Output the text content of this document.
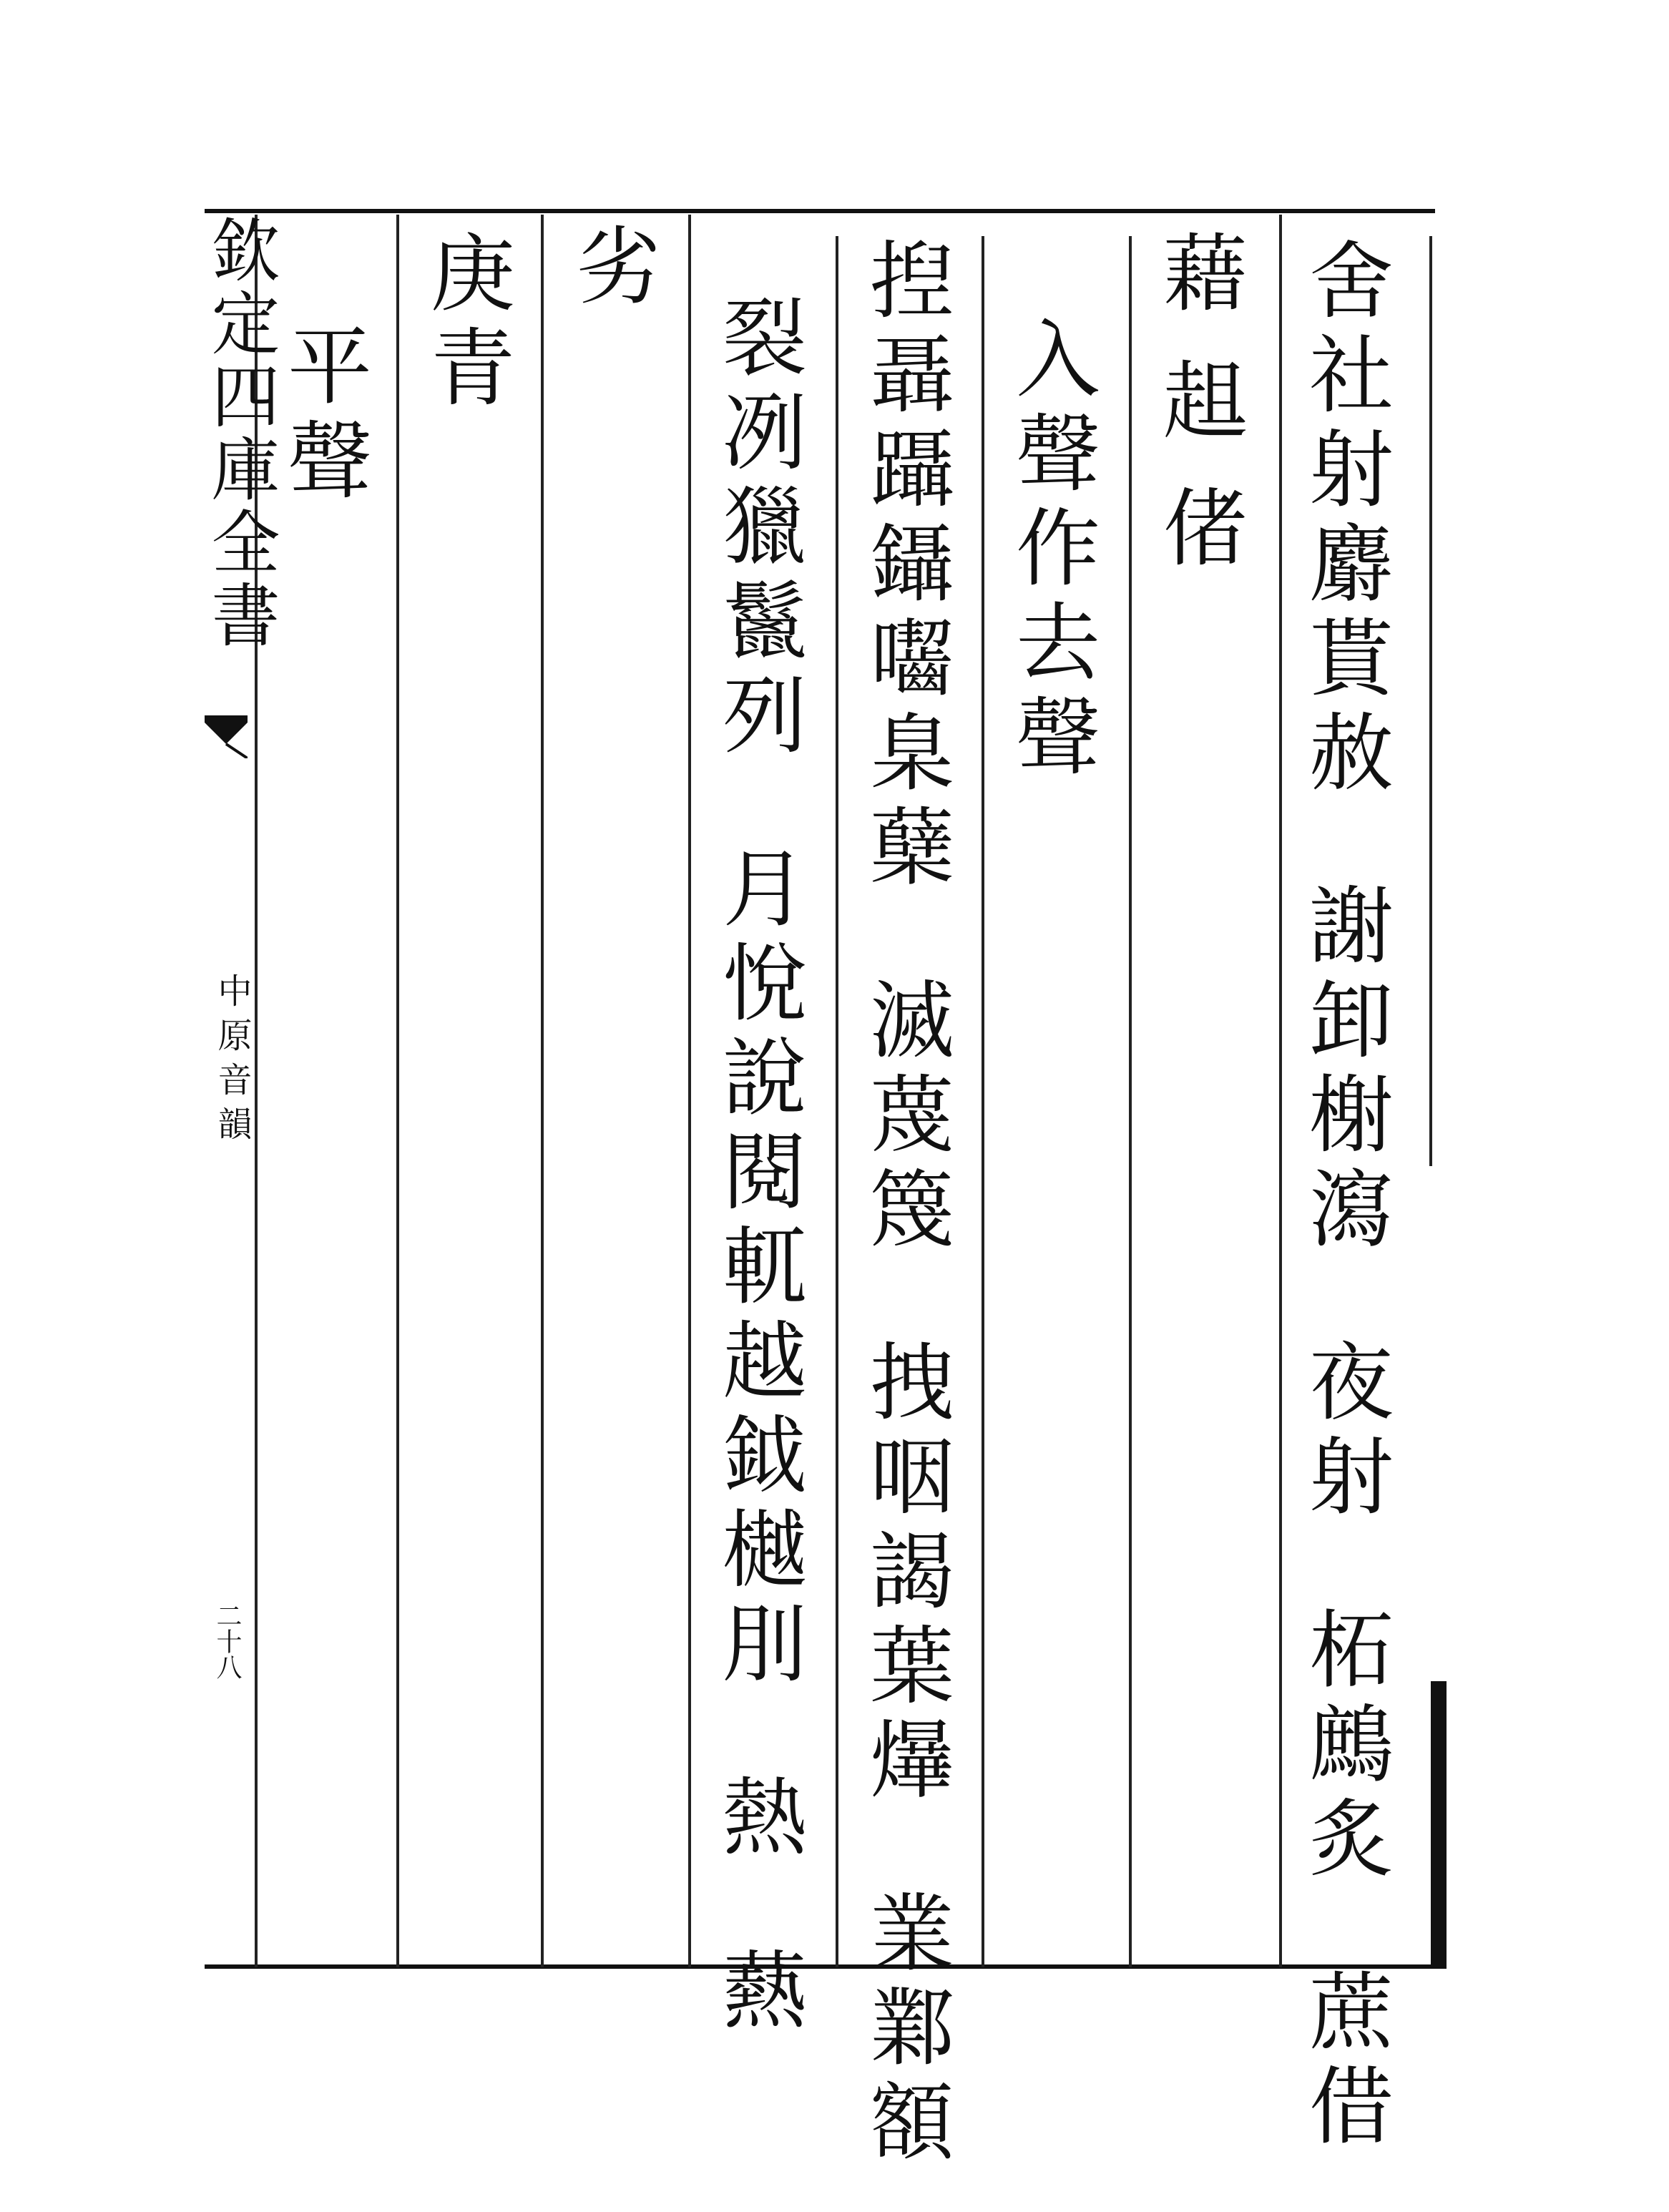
欽定四庫全書
中原音韻
二十八
舍社射麝貰赦謝卸榭瀉夜射柘鷓炙蔗借
藉趄偖
入聲作去聲
揑聶躡鑷囓臬蘖滅蔑篾拽咽謁葉爗業鄴額
裂冽獵鬣列月悅說閱軏越鉞樾刖熱爇
劣
庚青
平聲
